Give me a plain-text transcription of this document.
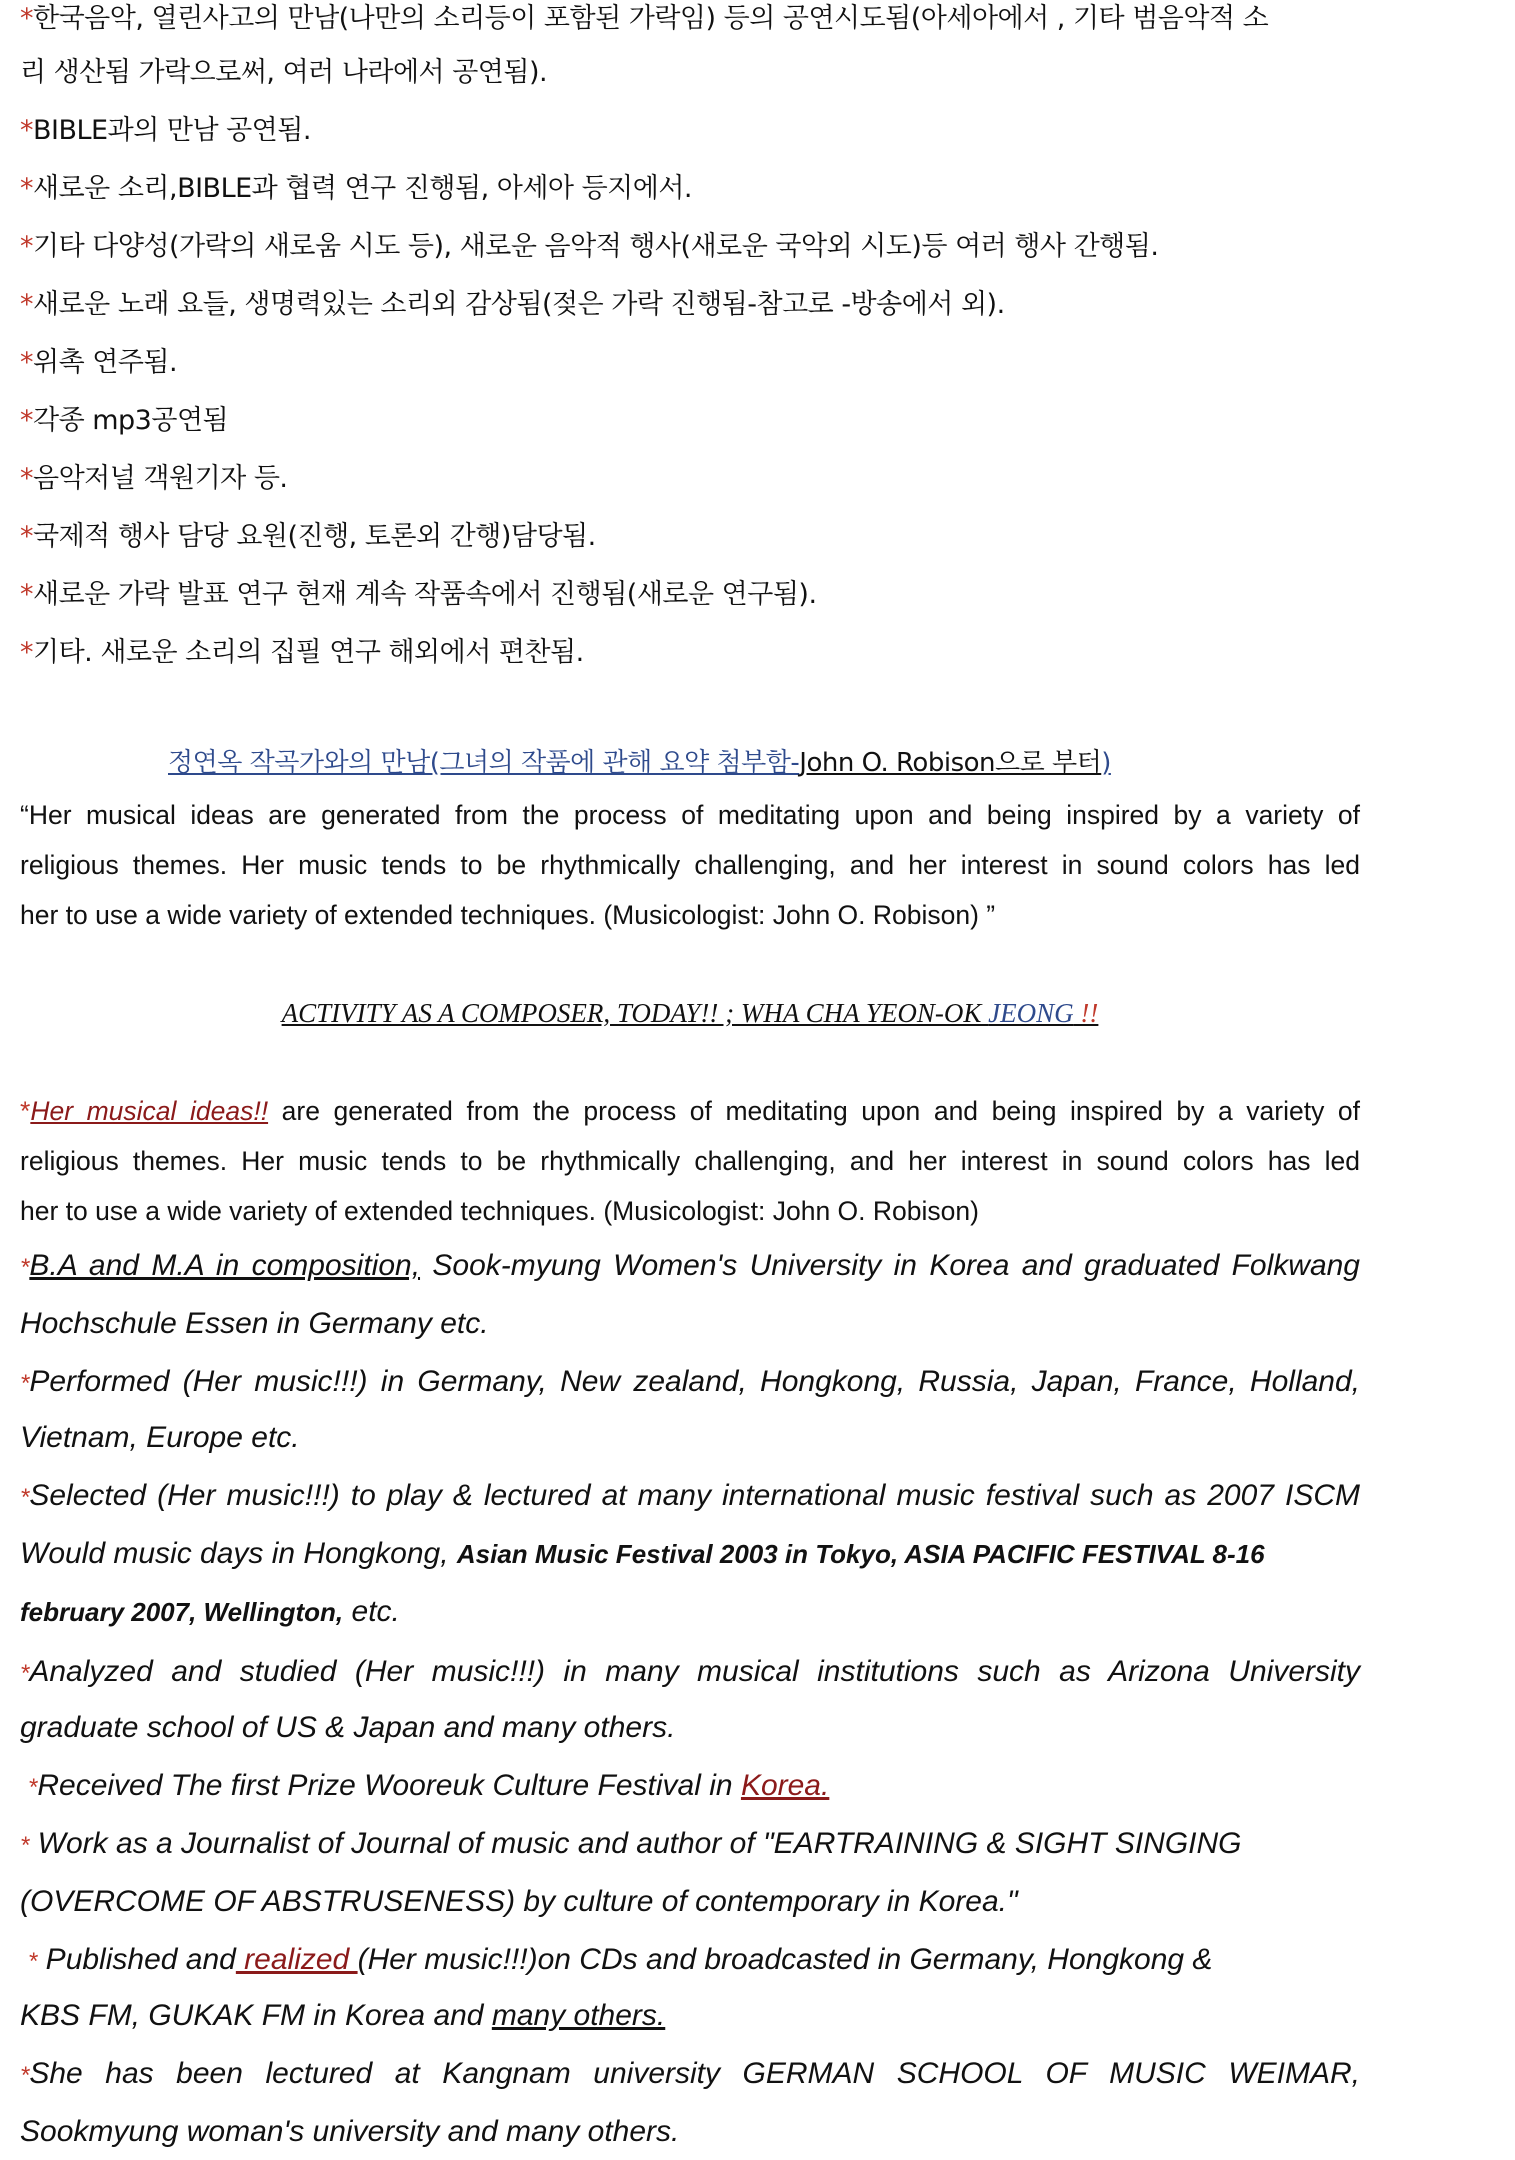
*한국음악, 열린사고의 만남(나만의 소리등이 포함된 가락임) 등의 공연시도됨(아세아에서 , 기타 범음악적 소
리 생산됨 가락으로써, 여러 나라에서 공연됨).
*BIBLE과의 만남 공연됨.
*새로운 소리,BIBLE과 협력 연구 진행됨, 아세아 등지에서.
*기타 다양성(가락의 새로움 시도 등), 새로운 음악적 행사(새로운 국악외 시도)등 여러 행사 간행됨.
*새로운 노래 요들, 생명력있는 소리외 감상됨(젖은 가락 진행됨-참고로 -방송에서 외).
*위촉 연주됨.
*각종 mp3공연됨
*음악저널 객원기자 등.
*국제적 행사 담당 요원(진행, 토론외 간행)담당됨.
*새로운 가락 발표 연구 현재 계속 작품속에서 진행됨(새로운 연구됨).
*기타. 새로운 소리의 집필 연구 해외에서 편찬됨.
정연옥 작곡가와의 만남(그녀의 작품에 관해 요약 첨부함-John O. Robison으로 부터)
“Her musical ideas are generated from the process of meditating upon and being inspired by a variety of
religious themes. Her music tends to be rhythmically challenging, and her interest in sound colors has led
her to use a wide variety of extended techniques. (Musicologist: John O. Robison) ”
ACTIVITY AS A COMPOSER, TODAY!! ; WHA CHA YEON-OK JEONG !!
*Her musical ideas!! are generated from the process of meditating upon and being inspired by a variety of
religious themes. Her music tends to be rhythmically challenging, and her interest in sound colors has led
her to use a wide variety of extended techniques. (Musicologist: John O. Robison)
*B.A and M.A in composition, Sook-myung Women's University in Korea and graduated Folkwang
Hochschule Essen in Germany etc.
*Performed (Her music!!!) in Germany, New zealand, Hongkong, Russia, Japan, France, Holland,
Vietnam, Europe etc.
*Selected (Her music!!!) to play & lectured at many international music festival such as 2007 ISCM
Would music days in Hongkong, Asian Music Festival 2003 in Tokyo, ASIA PACIFIC FESTIVAL 8-16
february 2007, Wellington, etc.
*Analyzed and studied (Her music!!!) in many musical institutions such as Arizona University
graduate school of US & Japan and many others.
*Received The first Prize Wooreuk Culture Festival in Korea.
* Work as a Journalist of Journal of music and author of "EARTRAINING & SIGHT SINGING
(OVERCOME OF ABSTRUSENESS) by culture of contemporary in Korea."
* Published and realized (Her music!!!)on CDs and broadcasted in Germany, Hongkong &
KBS FM, GUKAK FM in Korea and many others.
*She has been lectured at Kangnam university GERMAN SCHOOL OF MUSIC WEIMAR,
Sookmyung woman's university and many others.
